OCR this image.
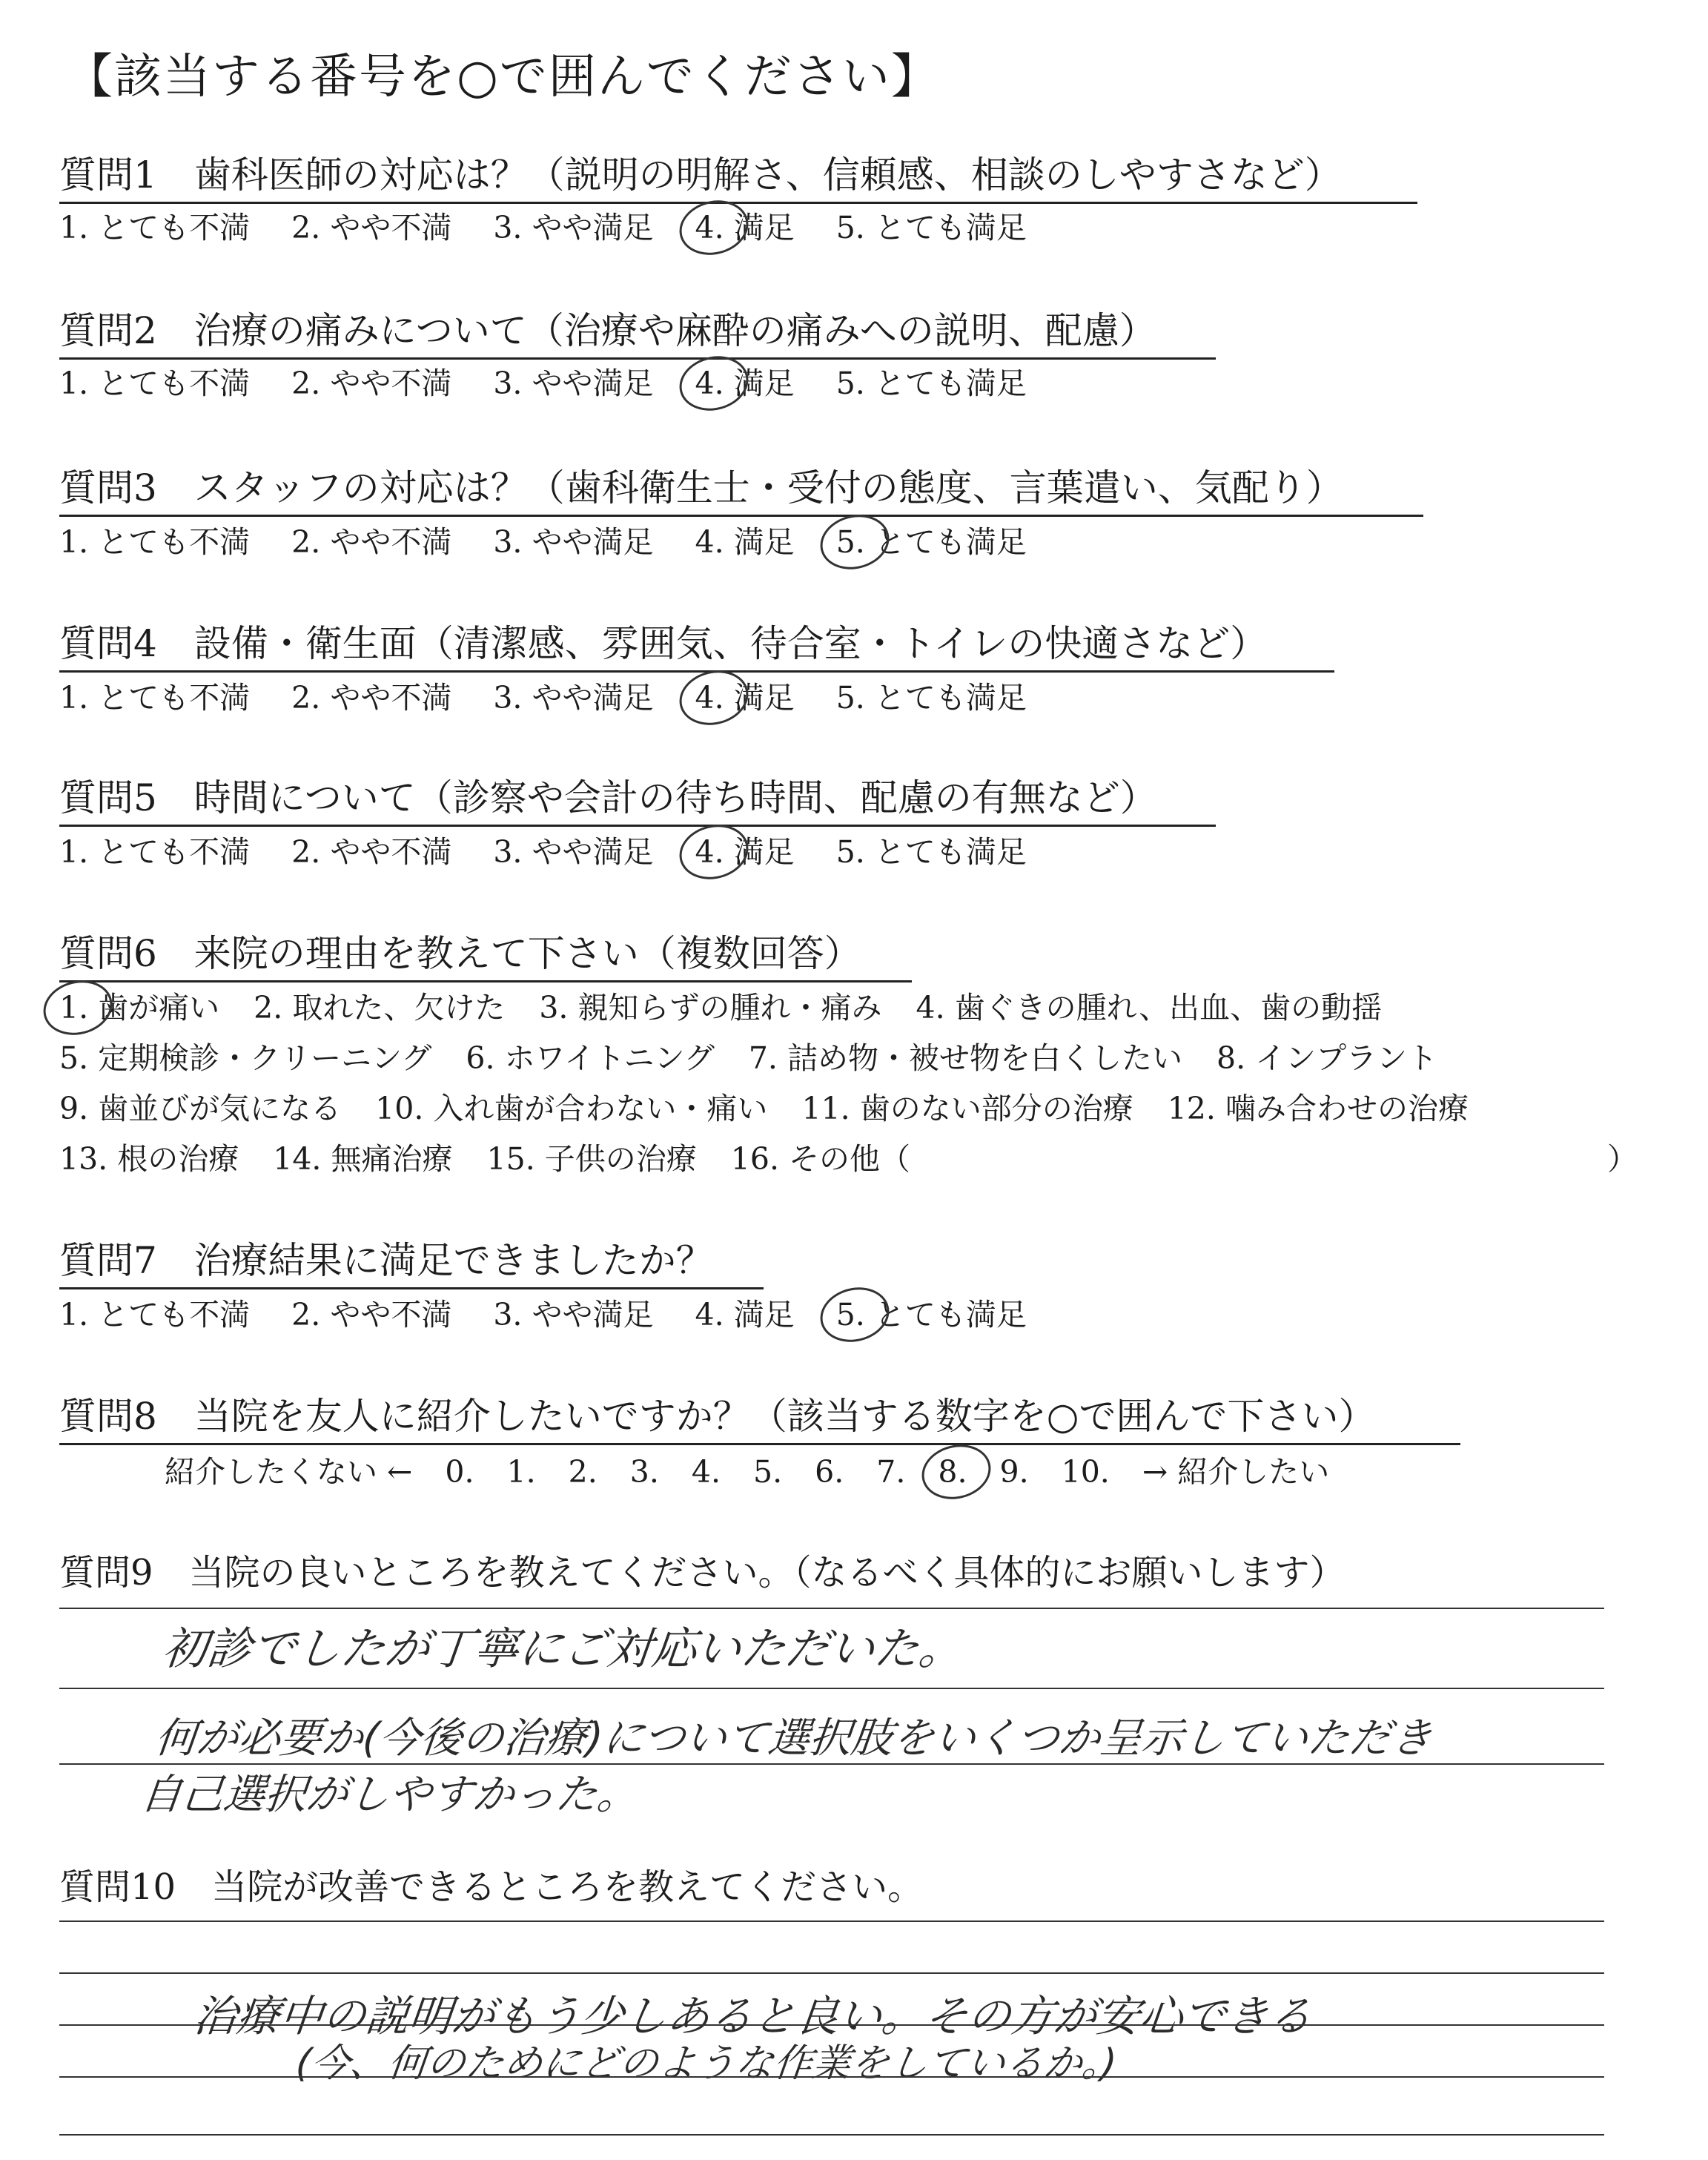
【該当する番号を○で囲んでください】
質問1　歯科医師の対応は？（説明の明解さ、信頼感、相談のしやすさなど）
1. とても不満 2. やや不満 3. やや満足 4. 満足 5. とても満足
質問2　治療の痛みについて（治療や麻酔の痛みへの説明、配慮）
1. とても不満 2. やや不満 3. やや満足 4. 満足 5. とても満足
質問3　スタッフの対応は？（歯科衛生士・受付の態度、言葉遣い、気配り）
1. とても不満 2. やや不満 3. やや満足 4. 満足 5. とても満足
質問4　設備・衛生面（清潔感、雰囲気、待合室・トイレの快適さなど）
1. とても不満 2. やや不満 3. やや満足 4. 満足 5. とても満足
質問5　時間について（診察や会計の待ち時間、配慮の有無など）
1. とても不満 2. やや不満 3. やや満足 4. 満足 5. とても満足
質問6　来院の理由を教えて下さい（複数回答）
1. 歯が痛い 2. 取れた、欠けた 3. 親知らずの腫れ・痛み 4. 歯ぐきの腫れ、出血、歯の動揺
5. 定期検診・クリーニング 6. ホワイトニング 7. 詰め物・被せ物を白くしたい 8. インプラント
9. 歯並びが気になる 10. 入れ歯が合わない・痛い 11. 歯のない部分の治療 12. 噛み合わせの治療
13. 根の治療 14. 無痛治療 15. 子供の治療 16. その他（	）
質問7　治療結果に満足できましたか？
1. とても不満 2. やや不満 3. やや満足 4. 満足 5. とても満足
質問8　当院を友人に紹介したいですか？（該当する数字を○で囲んで下さい）
紹介したくない ← 0. 1. 2. 3. 4. 5. 6. 7. 8. 9. 10. → 紹介したい
質問9　当院の良いところを教えてください。（なるべく具体的にお願いします）
初診でしたが丁寧にご対応いただいた。
何が必要か(今後の治療)について選択肢をいくつか呈示していただき
自己選択がしやすかった。
質問10　当院が改善できるところを教えてください。
治療中の説明がもう少しあると良い。その方が安心できる
(今、何のためにどのような作業をしているか。)
